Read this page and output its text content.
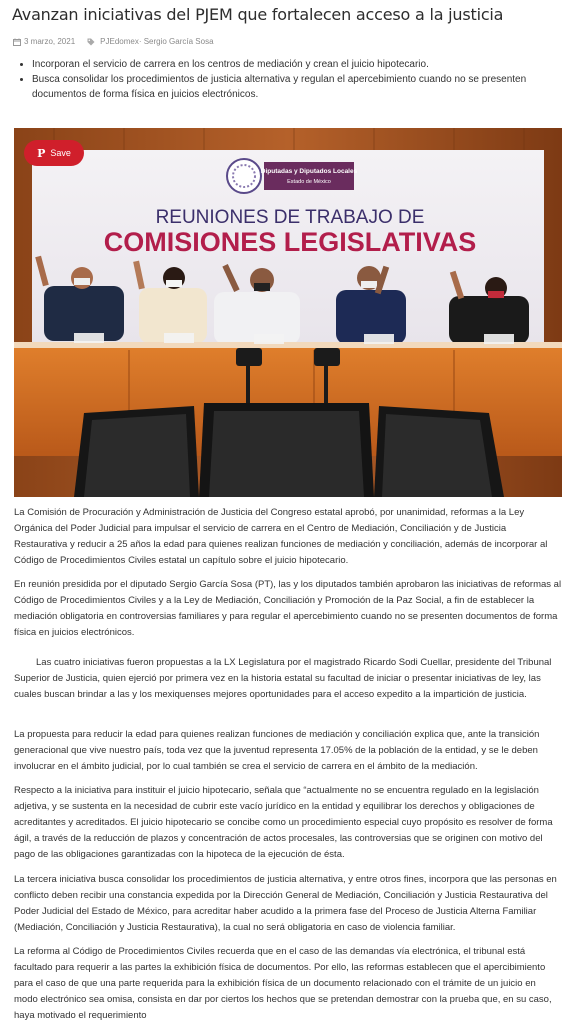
Avanzan iniciativas del PJEM que fortalecen acceso a la justicia
3 marzo, 2021	PJEdomex· Sergio García Sosa
• Incorporan el servicio de carrera en los centros de mediación y crean el juicio hipotecario.
• Busca consolidar los procedimientos de justicia alternativa y regulan el apercebimiento cuando no se presenten documentos de forma física en juicios electrónicos.
Diputadas y Diputados Locales
Estado de México
REUNIONES DE TRABAJO DE
COMISIONES LEGISLATIVAS
P Save

La Comisión de Procuración y Administración de Justicia del Congreso estatal aprobó, por unanimidad, reformas a la Ley Orgánica del Poder Judicial para impulsar el servicio de carrera en el Centro de Mediación, Conciliación y de Justicia Restaurativa y reducir a 25 años la edad para quienes realizan funciones de mediación y conciliación, además de incorporar al Código de Procedimientos Civiles estatal un capítulo sobre el juicio hipotecario.

En reunión presidida por el diputado Sergio García Sosa (PT), las y los diputados también aprobaron las iniciativas de reformas al Código de Procedimientos Civiles y a la Ley de Mediación, Conciliación y Promoción de la Paz Social, a fin de establecer la mediación obligatoria en controversias familiares y para regular el apercebimiento cuando no se presenten documentos de forma física en juicios electrónicos.

Las cuatro iniciativas fueron propuestas a la LX Legislatura por el magistrado Ricardo Sodi Cuellar, presidente del Tribunal Superior de Justicia, quien ejerció por primera vez en la historia estatal su facultad de iniciar o presentar iniciativas de ley, las cuales buscan brindar a las y los mexiquenses mejores oportunidades para el acceso expedito a la impartición de justicia.

La propuesta para reducir la edad para quienes realizan funciones de mediación y conciliación explica que, ante la transición generacional que vive nuestro país, toda vez que la juventud representa 17.05% de la población de la entidad, y se le deben involucrar en el ámbito judicial, por lo cual también se crea el servicio de carrera en el ámbito de la mediación.

Respecto a la iniciativa para instituir el juicio hipotecario, señala que “actualmente no se encuentra regulado en la legislación adjetiva, y se sustenta en la necesidad de cubrir este vacío jurídico en la entidad y equilibrar los derechos y obligaciones de acreditantes y acreditados. El juicio hipotecario se concibe como un procedimiento especial cuyo propósito es resolver de forma ágil, a través de la reducción de plazos y concentración de actos procesales, las controversias que se originen con motivo del pago de las obligaciones garantizadas con la hipoteca de la ejecución de ésta.

La tercera iniciativa busca consolidar los procedimientos de justicia alternativa, y entre otros fines, incorpora que las personas en conflicto deben recibir una constancia expedida por la Dirección General de Mediación, Conciliación y Justicia Restaurativa del Poder Judicial del Estado de México, para acreditar haber acudido a la primera fase del Proceso de Justicia Alterna Familiar (Mediación, Conciliación y Justicia Restaurativa), la cual no será obligatoria en caso de violencia familiar.

La reforma al Código de Procedimientos Civiles recuerda que en el caso de las demandas vía electrónica, el tribunal está facultado para requerir a las partes la exhibición física de documentos. Por ello, las reformas establecen que el apercibimiento para el caso de que una parte requerida para la exhibición física de un documento relacionado con el trámite de un juicio en modo electrónico sea omisa, consista en dar por ciertos los hechos que se pretendan demostrar con la prueba que, en su caso, haya motivado el requerimiento
